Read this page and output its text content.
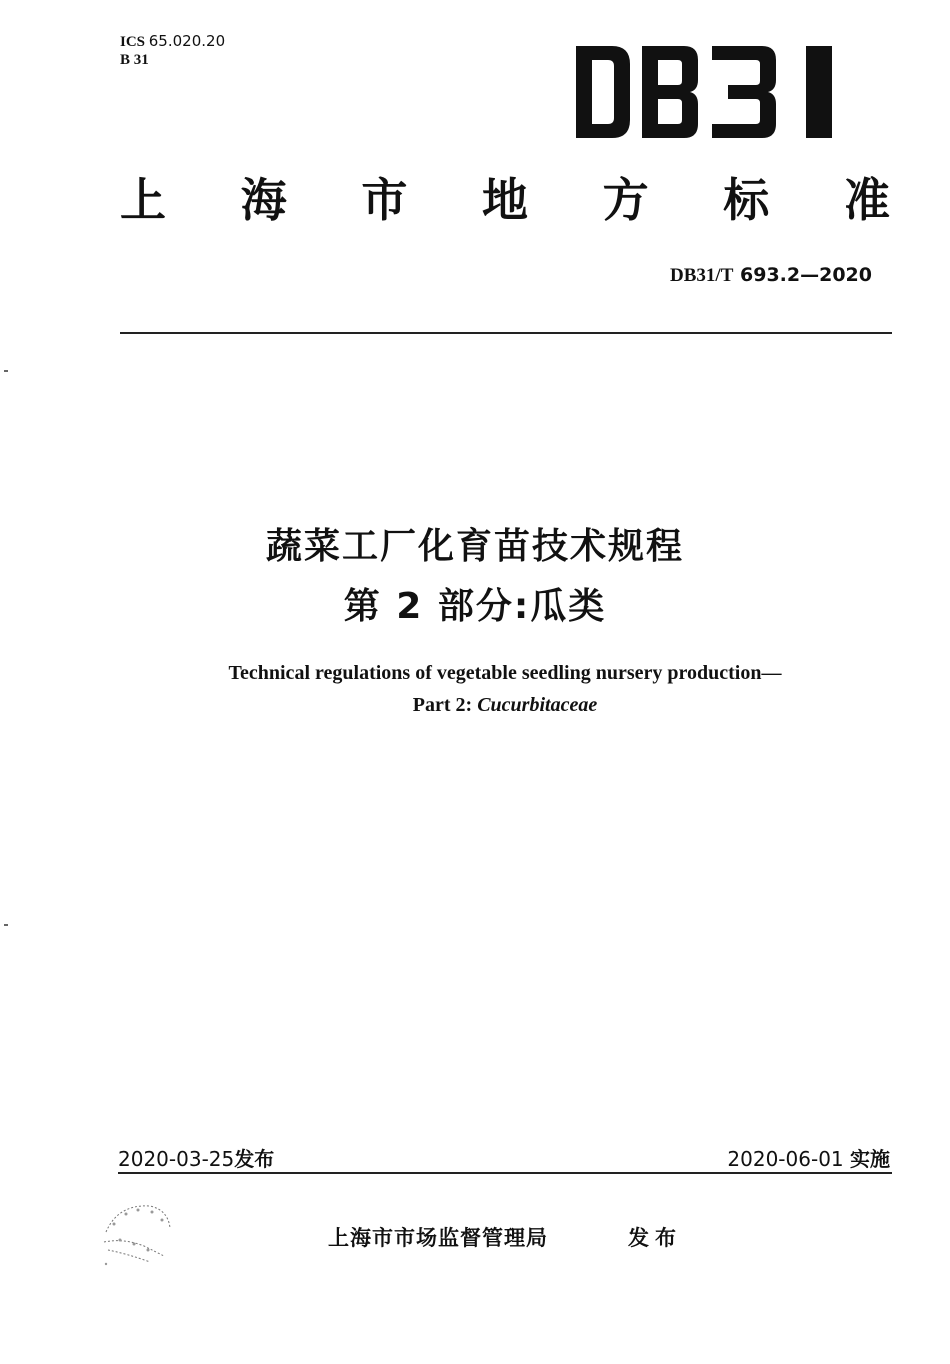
ICS 65.020.20
B 31
DB31
上 海 市 地 方 标 准
DB31/T 693.2—2020
蔬菜工厂化育苗技术规程
第 2 部分:瓜类
Technical regulations of vegetable seedling nursery production—
Part 2: Cucurbitaceae
2020-03-25发布	2020-06-01 实施
上海市市场监督管理局	发布
